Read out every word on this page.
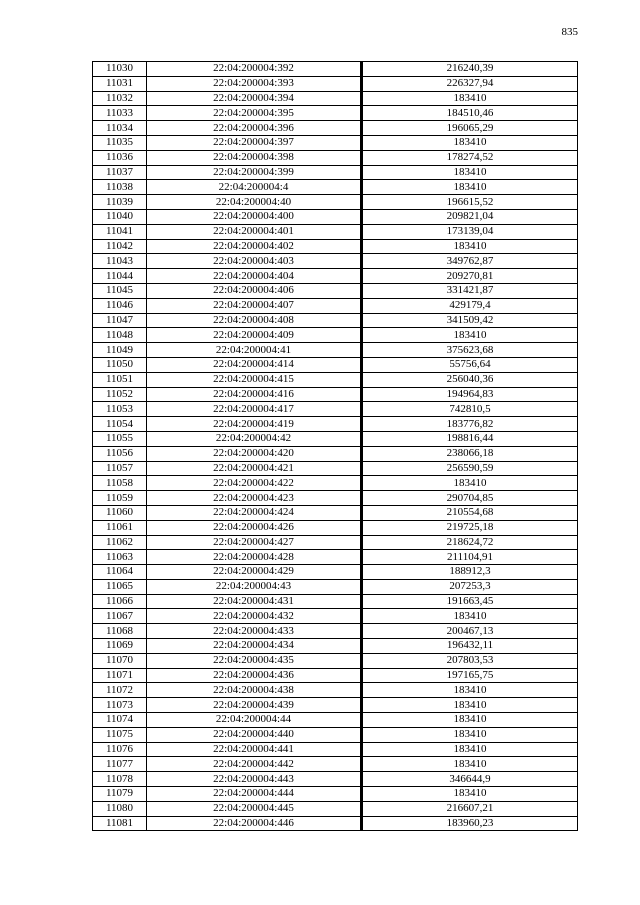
835
11030	22:04:200004:392	216240,39
11031	22:04:200004:393	226327,94
11032	22:04:200004:394	183410
11033	22:04:200004:395	184510,46
11034	22:04:200004:396	196065,29
11035	22:04:200004:397	183410
11036	22:04:200004:398	178274,52
11037	22:04:200004:399	183410
11038	22:04:200004:4	183410
11039	22:04:200004:40	196615,52
11040	22:04:200004:400	209821,04
11041	22:04:200004:401	173139,04
11042	22:04:200004:402	183410
11043	22:04:200004:403	349762,87
11044	22:04:200004:404	209270,81
11045	22:04:200004:406	331421,87
11046	22:04:200004:407	429179,4
11047	22:04:200004:408	341509,42
11048	22:04:200004:409	183410
11049	22:04:200004:41	375623,68
11050	22:04:200004:414	55756,64
11051	22:04:200004:415	256040,36
11052	22:04:200004:416	194964,83
11053	22:04:200004:417	742810,5
11054	22:04:200004:419	183776,82
11055	22:04:200004:42	198816,44
11056	22:04:200004:420	238066,18
11057	22:04:200004:421	256590,59
11058	22:04:200004:422	183410
11059	22:04:200004:423	290704,85
11060	22:04:200004:424	210554,68
11061	22:04:200004:426	219725,18
11062	22:04:200004:427	218624,72
11063	22:04:200004:428	211104,91
11064	22:04:200004:429	188912,3
11065	22:04:200004:43	207253,3
11066	22:04:200004:431	191663,45
11067	22:04:200004:432	183410
11068	22:04:200004:433	200467,13
11069	22:04:200004:434	196432,11
11070	22:04:200004:435	207803,53
11071	22:04:200004:436	197165,75
11072	22:04:200004:438	183410
11073	22:04:200004:439	183410
11074	22:04:200004:44	183410
11075	22:04:200004:440	183410
11076	22:04:200004:441	183410
11077	22:04:200004:442	183410
11078	22:04:200004:443	346644,9
11079	22:04:200004:444	183410
11080	22:04:200004:445	216607,21
11081	22:04:200004:446	183960,23
